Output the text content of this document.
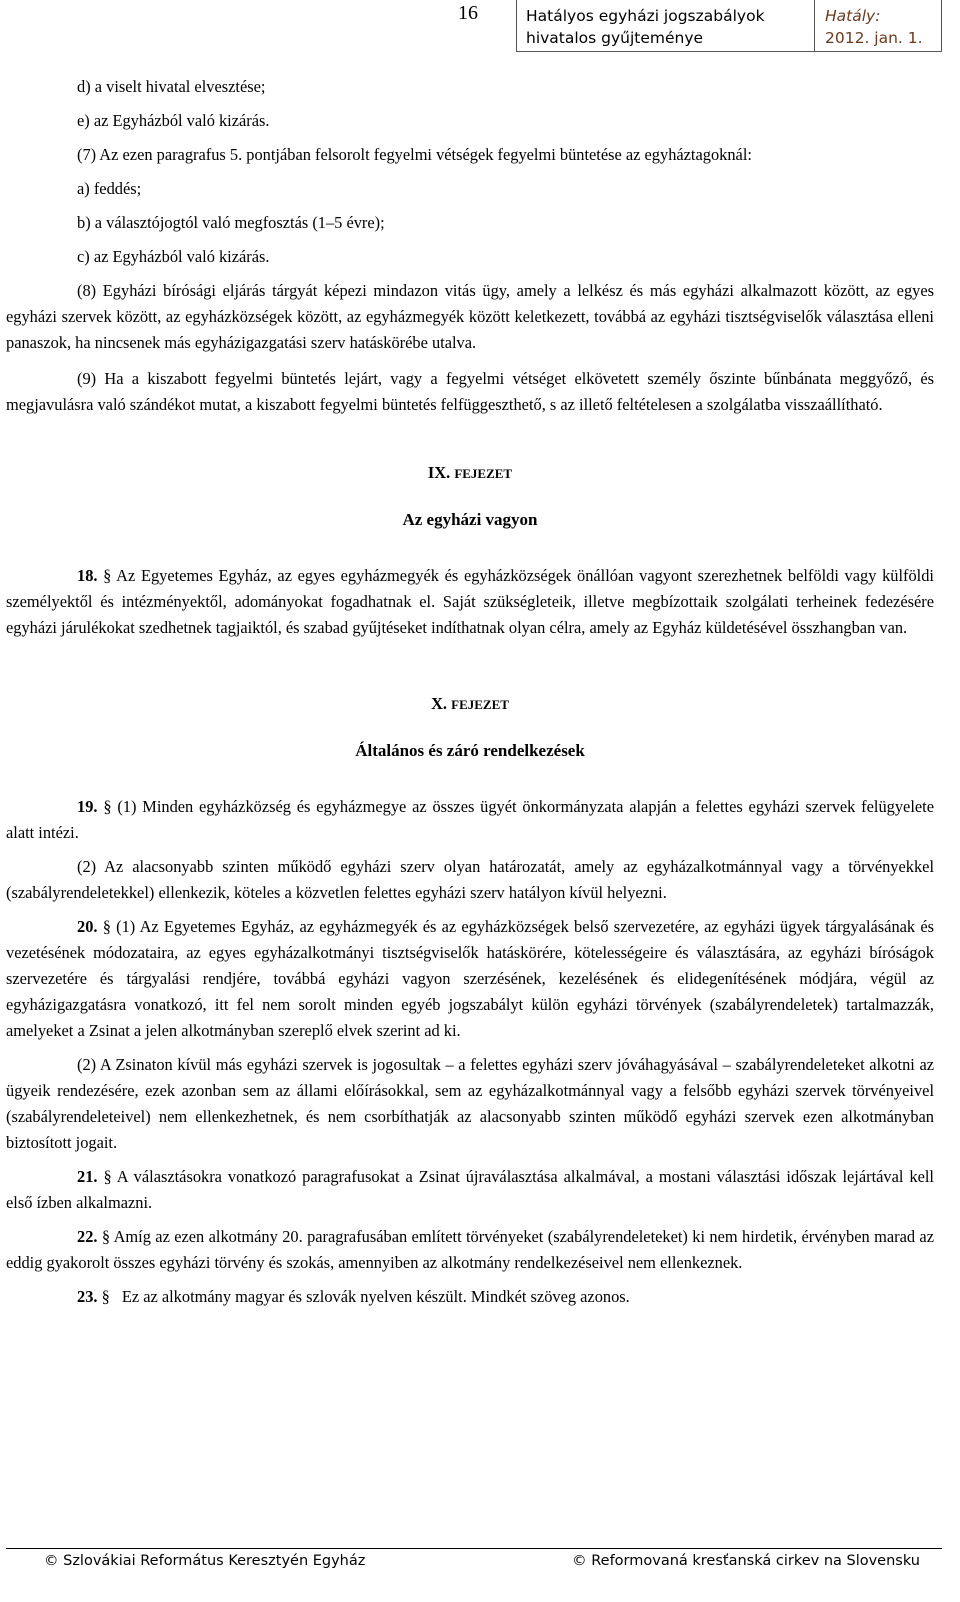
16	Hatályos egyházi jogszabályok
hivatalos gyűjteménye
Hatály:
2012. jan. 1.

d) a viselt hivatal elvesztése;

e) az Egyházból való kizárás.

(7) Az ezen paragrafus 5. pontjában felsorolt fegyelmi vétségek fegyelmi büntetése az egyháztagoknál:

a) feddés;

b) a választójogtól való megfosztás (1–5 évre);

c) az Egyházból való kizárás.

(8) Egyházi bírósági eljárás tárgyát képezi mindazon vitás ügy, amely a lelkész és más egyházi alkalmazott között, az egyes egyházi szervek között, az egyházközségek között, az egyházmegyék között keletkezett, továbbá az egyházi tisztségviselők választása elleni panaszok, ha nincsenek más egyházigazgatási szerv hatáskörébe utalva.

(9) Ha a kiszabott fegyelmi büntetés lejárt, vagy a fegyelmi vétséget elkövetett személy őszinte bűnbánata meggyőző, és megjavulásra való szándékot mutat, a kiszabott fegyelmi büntetés felfüggeszthető, s az illető feltételesen a szolgálatba visszaállítható.

IX. FEJEZET

Az egyházi vagyon

18. § Az Egyetemes Egyház, az egyes egyházmegyék és egyházközségek önállóan vagyont szerezhetnek belföldi vagy külföldi személyektől és intézményektől, adományokat fogadhatnak el. Saját szükségleteik, illetve megbízottaik szolgálati terheinek fedezésére egyházi járulékokat szedhetnek tagjaiktól, és szabad gyűjtéseket indíthatnak olyan célra, amely az Egyház küldetésével összhangban van.

X. FEJEZET

Általános és záró rendelkezések

19. § (1) Minden egyházközség és egyházmegye az összes ügyét önkormányzata alapján a felettes egyházi szervek felügyelete alatt intézi.

(2) Az alacsonyabb szinten működő egyházi szerv olyan határozatát, amely az egyházalkotmánnyal vagy a törvényekkel (szabályrendeletekkel) ellenkezik, köteles a közvetlen felettes egyházi szerv hatályon kívül helyezni.

20. § (1) Az Egyetemes Egyház, az egyházmegyék és az egyházközségek belső szervezetére, az egyházi ügyek tárgyalásának és vezetésének módozataira, az egyes egyházalkotmányi tisztségviselők hatáskörére, kötelességeire és választására, az egyházi bíróságok szervezetére és tárgyalási rendjére, továbbá egyházi vagyon szerzésének, kezelésének és elidegenítésének módjára, végül az egyházigazgatásra vonatkozó, itt fel nem sorolt minden egyéb jogszabályt külön egyházi törvények (szabályrendeletek) tartalmazzák, amelyeket a Zsinat a jelen alkotmányban szereplő elvek szerint ad ki.

(2) A Zsinaton kívül más egyházi szervek is jogosultak – a felettes egyházi szerv jóváhagyásával – szabályrendeleteket alkotni az ügyeik rendezésére, ezek azonban sem az állami előírásokkal, sem az egyházalkotmánnyal vagy a felsőbb egyházi szervek törvényeivel (szabályrendeleteivel) nem ellenkezhetnek, és nem csorbíthatják az alacsonyabb szinten működő egyházi szervek ezen alkotmányban biztosított jogait.

21. § A választásokra vonatkozó paragrafusokat a Zsinat újraválasztása alkalmával, a mostani választási időszak lejártával kell első ízben alkalmazni.

22. § Amíg az ezen alkotmány 20. paragrafusában említett törvényeket (szabályrendeleteket) ki nem hirdetik, érvényben marad az eddig gyakorolt összes egyházi törvény és szokás, amennyiben az alkotmány rendelkezéseivel nem ellenkeznek.

23. § Ez az alkotmány magyar és szlovák nyelven készült. Mindkét szöveg azonos.

© Szlovákiai Református Keresztyén Egyház	© Reformovaná kresťanská cirkev na Slovensku
